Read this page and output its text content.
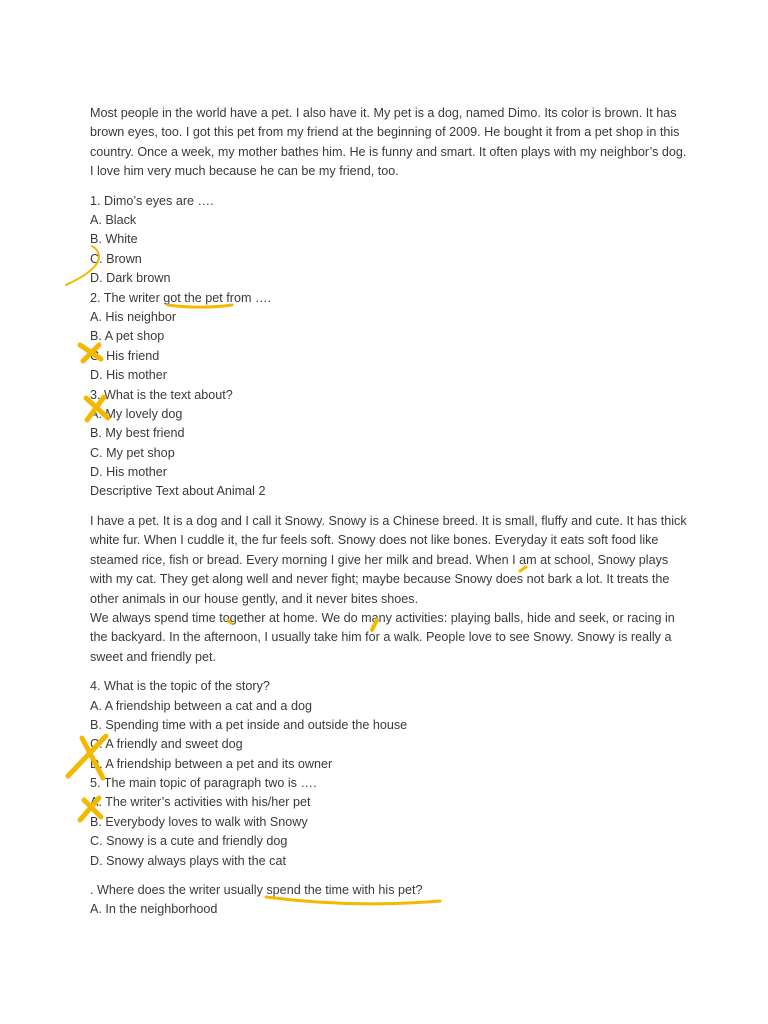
Most people in the world have a pet. I also have it. My pet is a dog, named Dimo. Its color is brown. It has brown eyes, too. I got this pet from my friend at the beginning of 2009. He bought it from a pet shop in this country. Once a week, my mother bathes him. He is funny and smart. It often plays with my neighbor’s dog. I love him very much because he can be my friend, too.

1. Dimo’s eyes are ….
A. Black
B. White
C. Brown
D. Dark brown
2. The writer got the pet from ….
A. His neighbor
B. A pet shop
C. His friend
D. His mother
3. What is the text about?
A. My lovely dog
B. My best friend
C. My pet shop
D. His mother
Descriptive Text about Animal 2

I have a pet. It is a dog and I call it Snowy. Snowy is a Chinese breed. It is small, fluffy and cute. It has thick white fur. When I cuddle it, the fur feels soft. Snowy does not like bones. Everyday it eats soft food like steamed rice, fish or bread. Every morning I give her milk and bread. When I am at school, Snowy plays with my cat. They get along well and never fight; maybe because Snowy does not bark a lot. It treats the other animals in our house gently, and it never bites shoes.

We always spend time together at home. We do many activities: playing balls, hide and seek, or racing in the backyard. In the afternoon, I usually take him for a walk. People love to see Snowy. Snowy is really a sweet and friendly pet.

4. What is the topic of the story?
A. A friendship between a cat and a dog
B. Spending time with a pet inside and outside the house
C. A friendly and sweet dog
D. A friendship between a pet and its owner
5. The main topic of paragraph two is ….
A. The writer’s activities with his/her pet
B. Everybody loves to walk with Snowy
C. Snowy is a cute and friendly dog
D. Snowy always plays with the cat
. Where does the writer usually spend the time with his pet?
A. In the neighborhood
